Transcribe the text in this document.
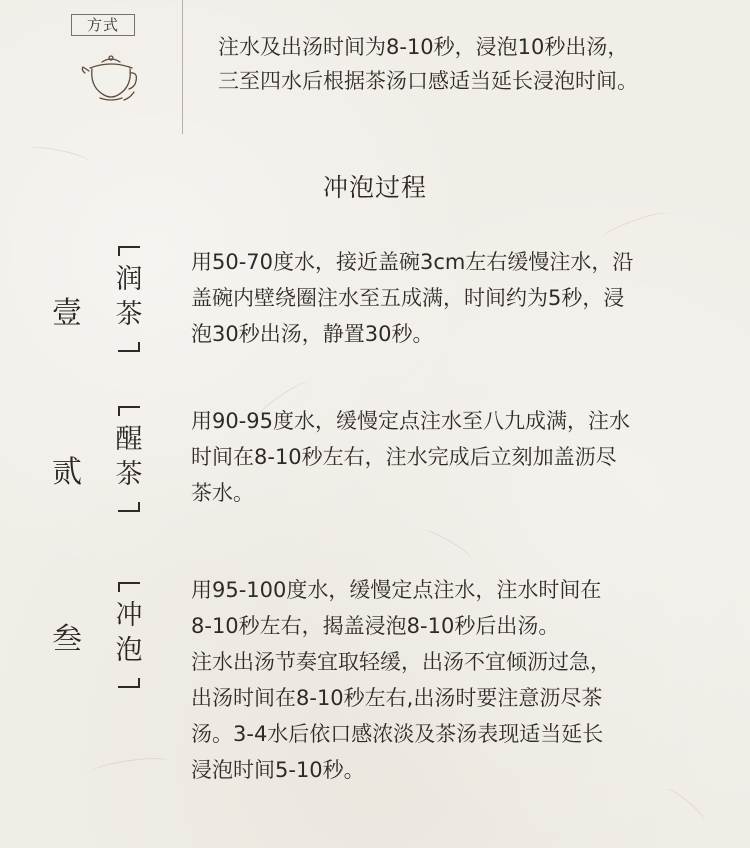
方式
注水及出汤时间为8-10秒，浸泡10秒出汤，
三至四水后根据茶汤口感适当延长浸泡时间。
冲泡过程
壹
润
茶
用50-70度水，接近盖碗3cm左右缓慢注水，沿
盖碗内壁绕圈注水至五成满，时间约为5秒，浸
泡30秒出汤，静置30秒。
贰
醒
茶
用90-95度水，缓慢定点注水至八九成满，注水
时间在8-10秒左右，注水完成后立刻加盖沥尽
茶水。
叁
冲
泡
用95-100度水，缓慢定点注水，注水时间在
8-10秒左右，揭盖浸泡8-10秒后出汤。
注水出汤节奏宜取轻缓，出汤不宜倾沥过急，
出汤时间在8-10秒左右,出汤时要注意沥尽茶
汤。3-4水后依口感浓淡及茶汤表现适当延长
浸泡时间5-10秒。
